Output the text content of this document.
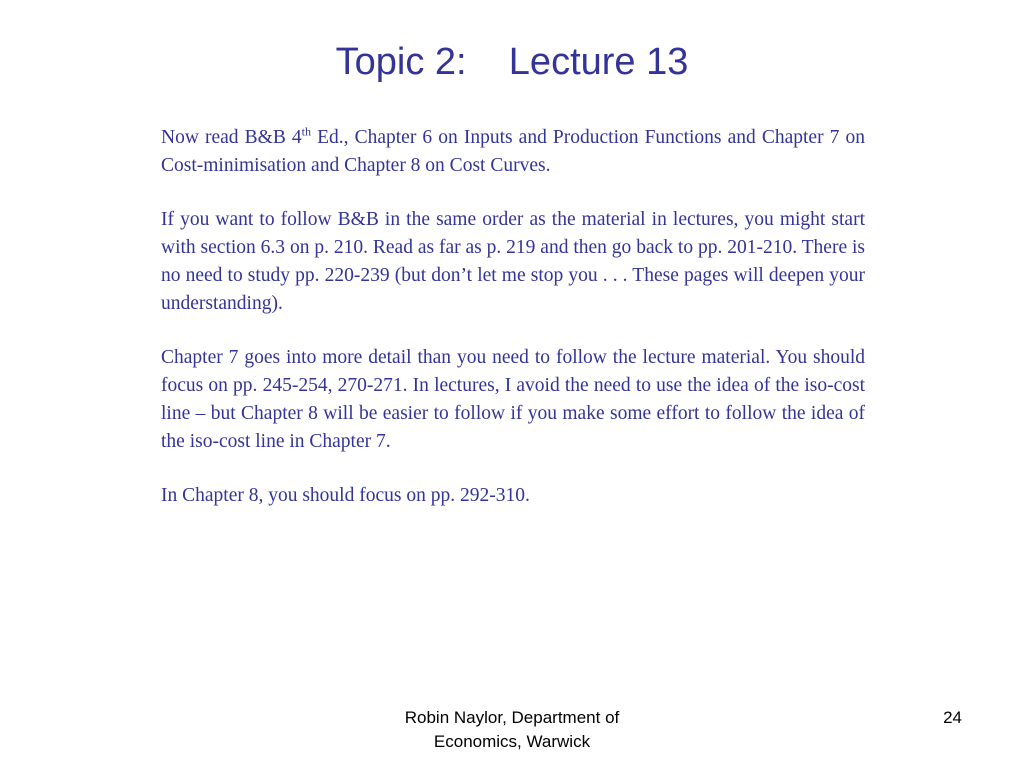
Topic 2:    Lecture 13

Now read B&B 4th Ed., Chapter 6 on Inputs and Production Functions and Chapter 7 on Cost-minimisation and Chapter 8 on Cost Curves.

If you want to follow B&B in the same order as the material in lectures, you might start with section 6.3 on p. 210. Read as far as p. 219 and then go back to pp. 201-210. There is no need to study pp. 220-239 (but don’t let me stop you . . . These pages will deepen your understanding).

Chapter 7 goes into more detail than you need to follow the lecture material. You should focus on pp. 245-254, 270-271. In lectures, I avoid the need to use the idea of the iso-cost line – but Chapter 8 will be easier to follow if you make some effort to follow the idea of the iso-cost line in Chapter 7.

In Chapter 8, you should focus on pp. 292-310.

Robin Naylor, Department of
Economics, Warwick
24
